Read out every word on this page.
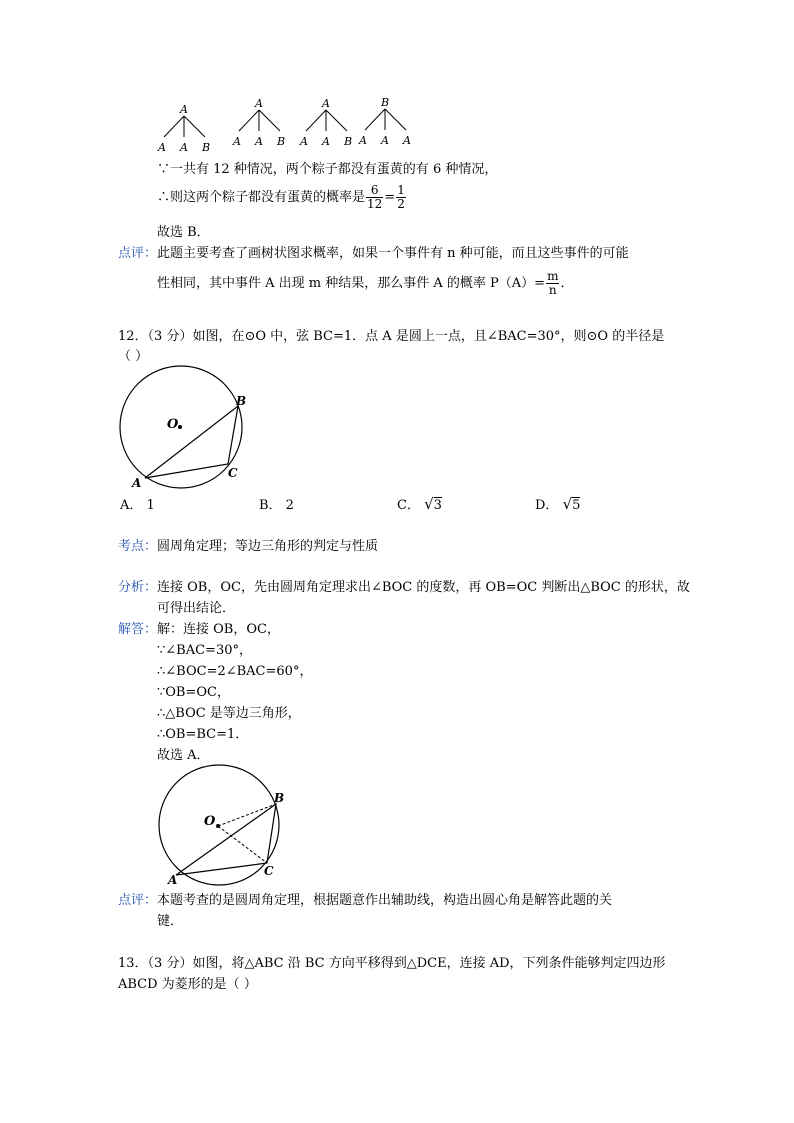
A
A A B
A
A A B
A
A A B
B
A A A
∵一共有 12 种情况，两个粽子都没有蛋黄的有 6 种情况，
∴则这两个粽子都没有蛋黄的概率是 $\frac{6}{12} = \frac{1}{2}$
故选 B．
点评：此题主要考查了画树状图求概率，如果一个事件有 n 种可能，而且这些事件的可能
性相同，其中事件 A 出现 m 种结果，那么事件 A 的概率 $P(A)= \frac{m}{n}$ ．
12．（3 分）如图，在⊙O 中，弦 BC=1．点 A 是圆上一点，且∠BAC=30°，则⊙O 的半径是
（ ）
O
B
C
A
A． 1	B． 2	C． √3	D． √5
考点：圆周角定理；等边三角形的判定与性质
分析：连接 OB，OC，先由圆周角定理求出∠BOC 的度数，再 OB=OC 判断出△BOC 的形状，故
可得出结论．
解答：解：连接 OB，OC，
∵∠BAC=30°，
∴∠BOC=2∠BAC=60°，
∵OB=OC，
∴△BOC 是等边三角形，
∴OB=BC=1．
故选 A．
O
B
C
A
点评：本题考查的是圆周角定理，根据题意作出辅助线，构造出圆心角是解答此题的关
键．
13．（3 分）如图，将△ABC 沿 BC 方向平移得到△DCE，连接 AD，下列条件能够判定四边形
ABCD 为菱形的是（ ）
